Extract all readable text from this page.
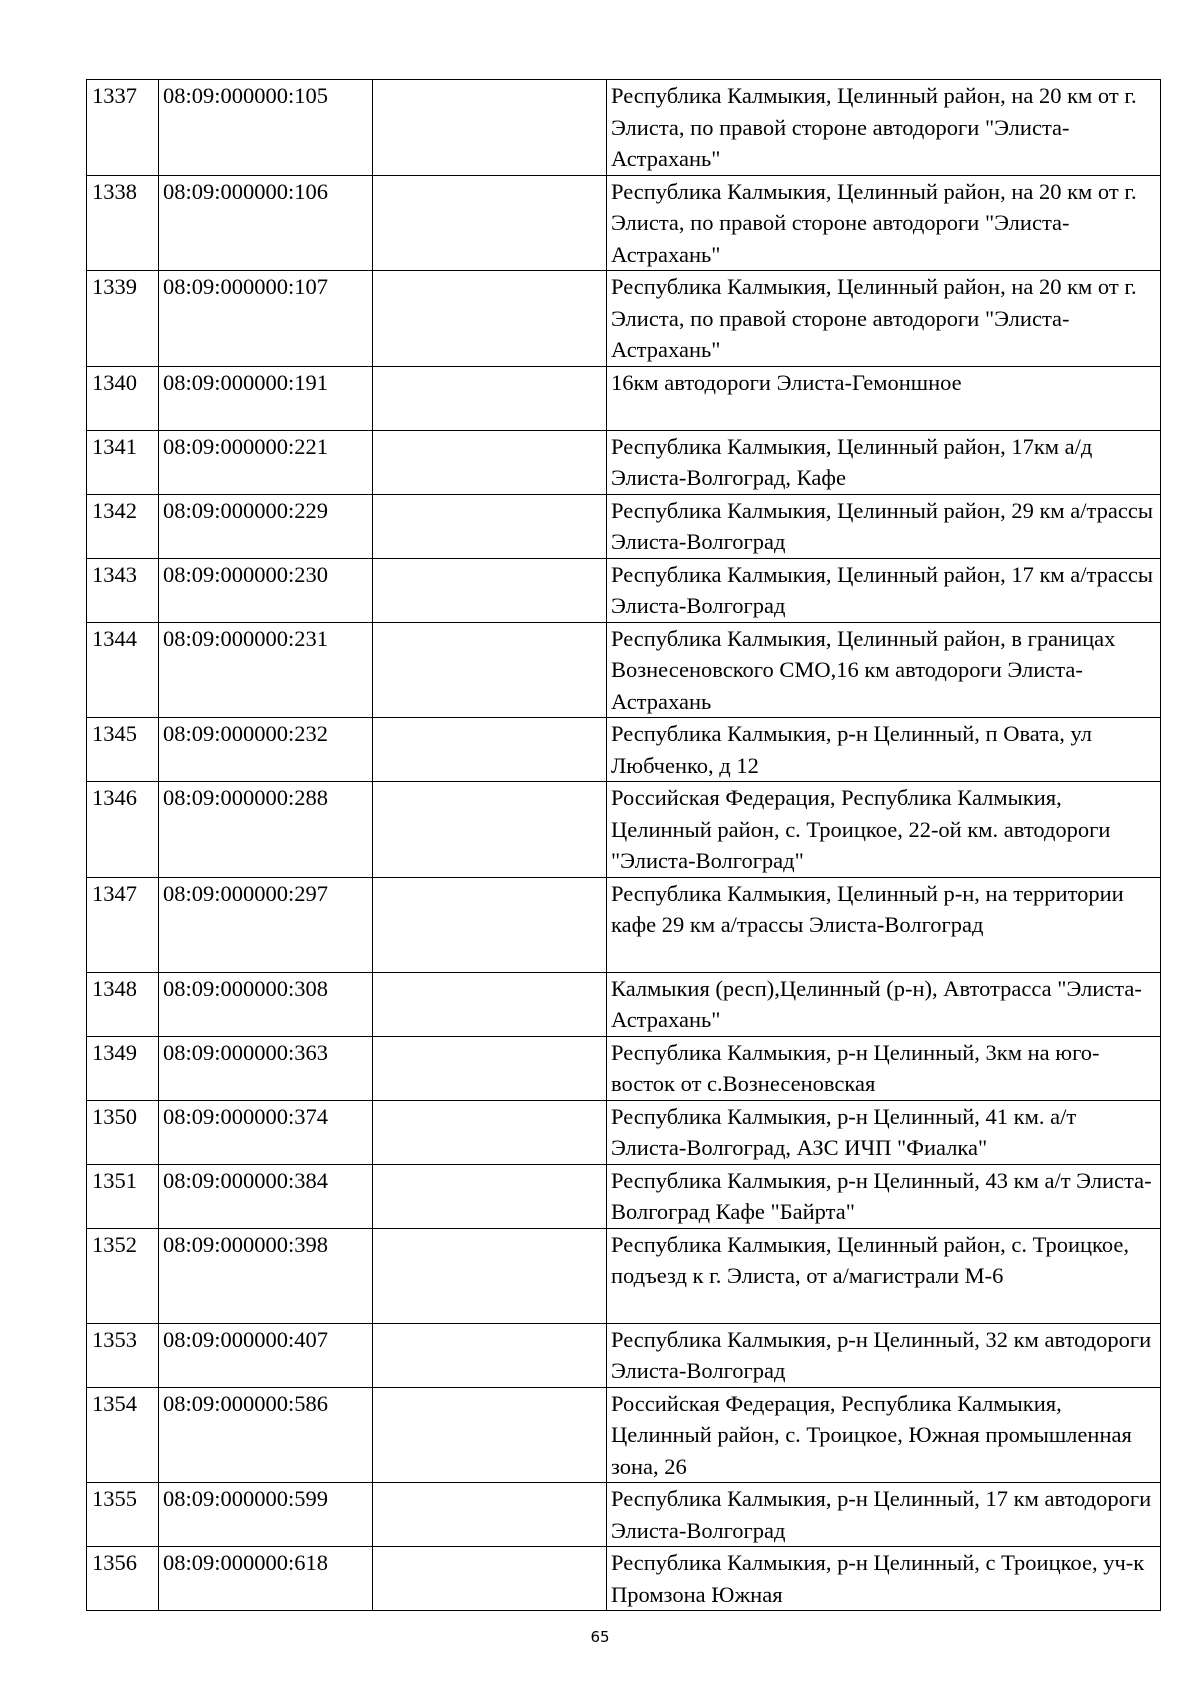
1337	08:09:000000:105		Республика Калмыкия, Целинный район, на 20 км от г. Элиста, по правой стороне автодороги "Элиста-Астрахань"
1338	08:09:000000:106		Республика Калмыкия, Целинный район, на 20 км от г. Элиста, по правой стороне автодороги "Элиста-Астрахань"
1339	08:09:000000:107		Республика Калмыкия, Целинный район, на 20 км от г. Элиста, по правой стороне автодороги "Элиста-Астрахань"
1340	08:09:000000:191		16км автодороги Элиста-Гемоншное
1341	08:09:000000:221		Республика Калмыкия, Целинный район, 17км а/д Элиста-Волгоград, Кафе
1342	08:09:000000:229		Республика Калмыкия, Целинный район, 29 км а/трассы Элиста-Волгоград
1343	08:09:000000:230		Республика Калмыкия, Целинный район, 17 км а/трассы Элиста-Волгоград
1344	08:09:000000:231		Республика Калмыкия, Целинный район, в границах Вознесеновского СМО,16 км автодороги Элиста-Астрахань
1345	08:09:000000:232		Республика Калмыкия, р-н Целинный, п Овата, ул Любченко, д 12
1346	08:09:000000:288		Российская Федерация, Республика Калмыкия, Целинный район, с. Троицкое, 22-ой км. автодороги "Элиста-Волгоград"
1347	08:09:000000:297		Республика Калмыкия, Целинный р-н, на территории кафе 29 км а/трассы Элиста-Волгоград
1348	08:09:000000:308		Калмыкия (респ),Целинный (р-н), Автотрасса "Элиста-Астрахань"
1349	08:09:000000:363		Республика Калмыкия, р-н Целинный, 3км на юго-восток от с.Вознесеновская
1350	08:09:000000:374		Республика Калмыкия, р-н Целинный, 41 км. а/т Элиста-Волгоград, АЗС ИЧП "Фиалка"
1351	08:09:000000:384		Республика Калмыкия, р-н Целинный, 43 км а/т Элиста-Волгоград Кафе "Байрта"
1352	08:09:000000:398		Республика Калмыкия, Целинный район, с. Троицкое, подъезд к г. Элиста, от а/магистрали М-6
1353	08:09:000000:407		Республика Калмыкия, р-н Целинный, 32 км автодороги Элиста-Волгоград
1354	08:09:000000:586		Российская Федерация, Республика Калмыкия, Целинный район, с. Троицкое, Южная промышленная зона, 26
1355	08:09:000000:599		Республика Калмыкия, р-н Целинный, 17 км автодороги Элиста-Волгоград
1356	08:09:000000:618		Республика Калмыкия, р-н Целинный, с Троицкое, уч-к Промзона Южная
65
